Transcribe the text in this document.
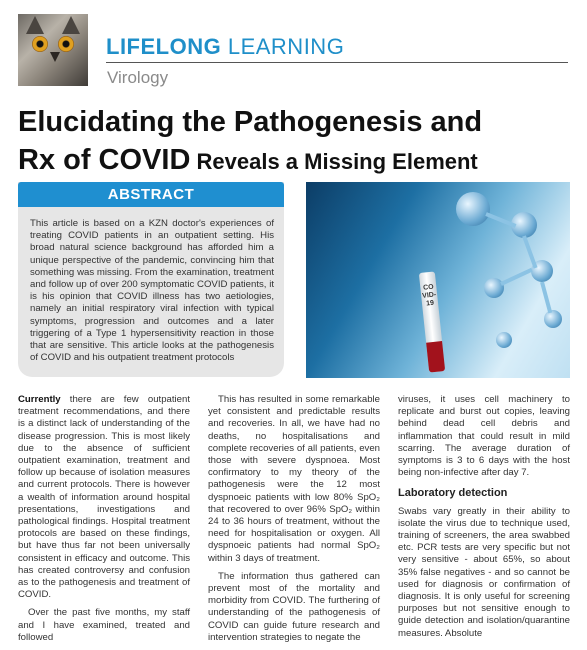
LIFELONG LEARNING
Virology
Elucidating the Pathogenesis and
Rx of COVID Reveals a Missing Element
ABSTRACT
This article is based on a KZN doctor's experiences of treating COVID patients in an outpatient setting. His broad natural science background has afforded him a unique perspective of the pandemic, convincing him that something was missing. From the examination, treatment and follow up of over 200 symptomatic COVID patients, it is his opinion that COVID illness has two aetiologies, namely an initial respiratory viral infection with typical symptoms, progression and outcomes and a later triggering of a Type 1 hypersensitivity reaction in those that are sensitive. This article looks at the pathogenesis of COVID and his outpatient treatment protocols
COVID-19

Currently there are few outpatient treatment recommendations, and there is a distinct lack of understanding of the disease progression. This is most likely due to the absence of sufficient outpatient examination, treatment and follow up because of isolation measures and current protocols. There is however a wealth of information around hospital presentations, investigations and pathological findings. Hospital treatment protocols are based on these findings, but have thus far not been universally consistent in efficacy and outcome. This has created controversy and confusion as to the pathogenesis and treatment of COVID.

Over the past five months, my staff and I have examined, treated and followed

This has resulted in some remarkable yet consistent and predictable results and recoveries. In all, we have had no deaths, no hospitalisations and complete recoveries of all patients, even those with severe dyspnoea. Most confirmatory to my theory of the pathogenesis were the 12 most dyspnoeic patients with low 80% SpO₂ that recovered to over 96% SpO₂ within 24 to 36 hours of treatment, without the need for hospitalisation or oxygen. All dyspnoeic patients had normal SpO₂ within 3 days of treatment.

The information thus gathered can prevent most of the mortality and morbidity from COVID. The furthering of understanding of the pathogenesis of COVID can guide future research and intervention strategies to negate the

viruses, it uses cell machinery to replicate and burst out copies, leaving behind dead cell debris and inflammation that could result in mild scarring. The average duration of symptoms is 3 to 6 days with the host being non-infective after day 7.

Laboratory detection

Swabs vary greatly in their ability to isolate the virus due to technique used, training of screeners, the area swabbed etc. PCR tests are very specific but not very sensitive - about 65%, so about 35% false negatives - and so cannot be used for diagnosis or confirmation of diagnosis. It is only useful for screening purposes but not sensitive enough to guide detection and isolation/quarantine measures. Absolute
